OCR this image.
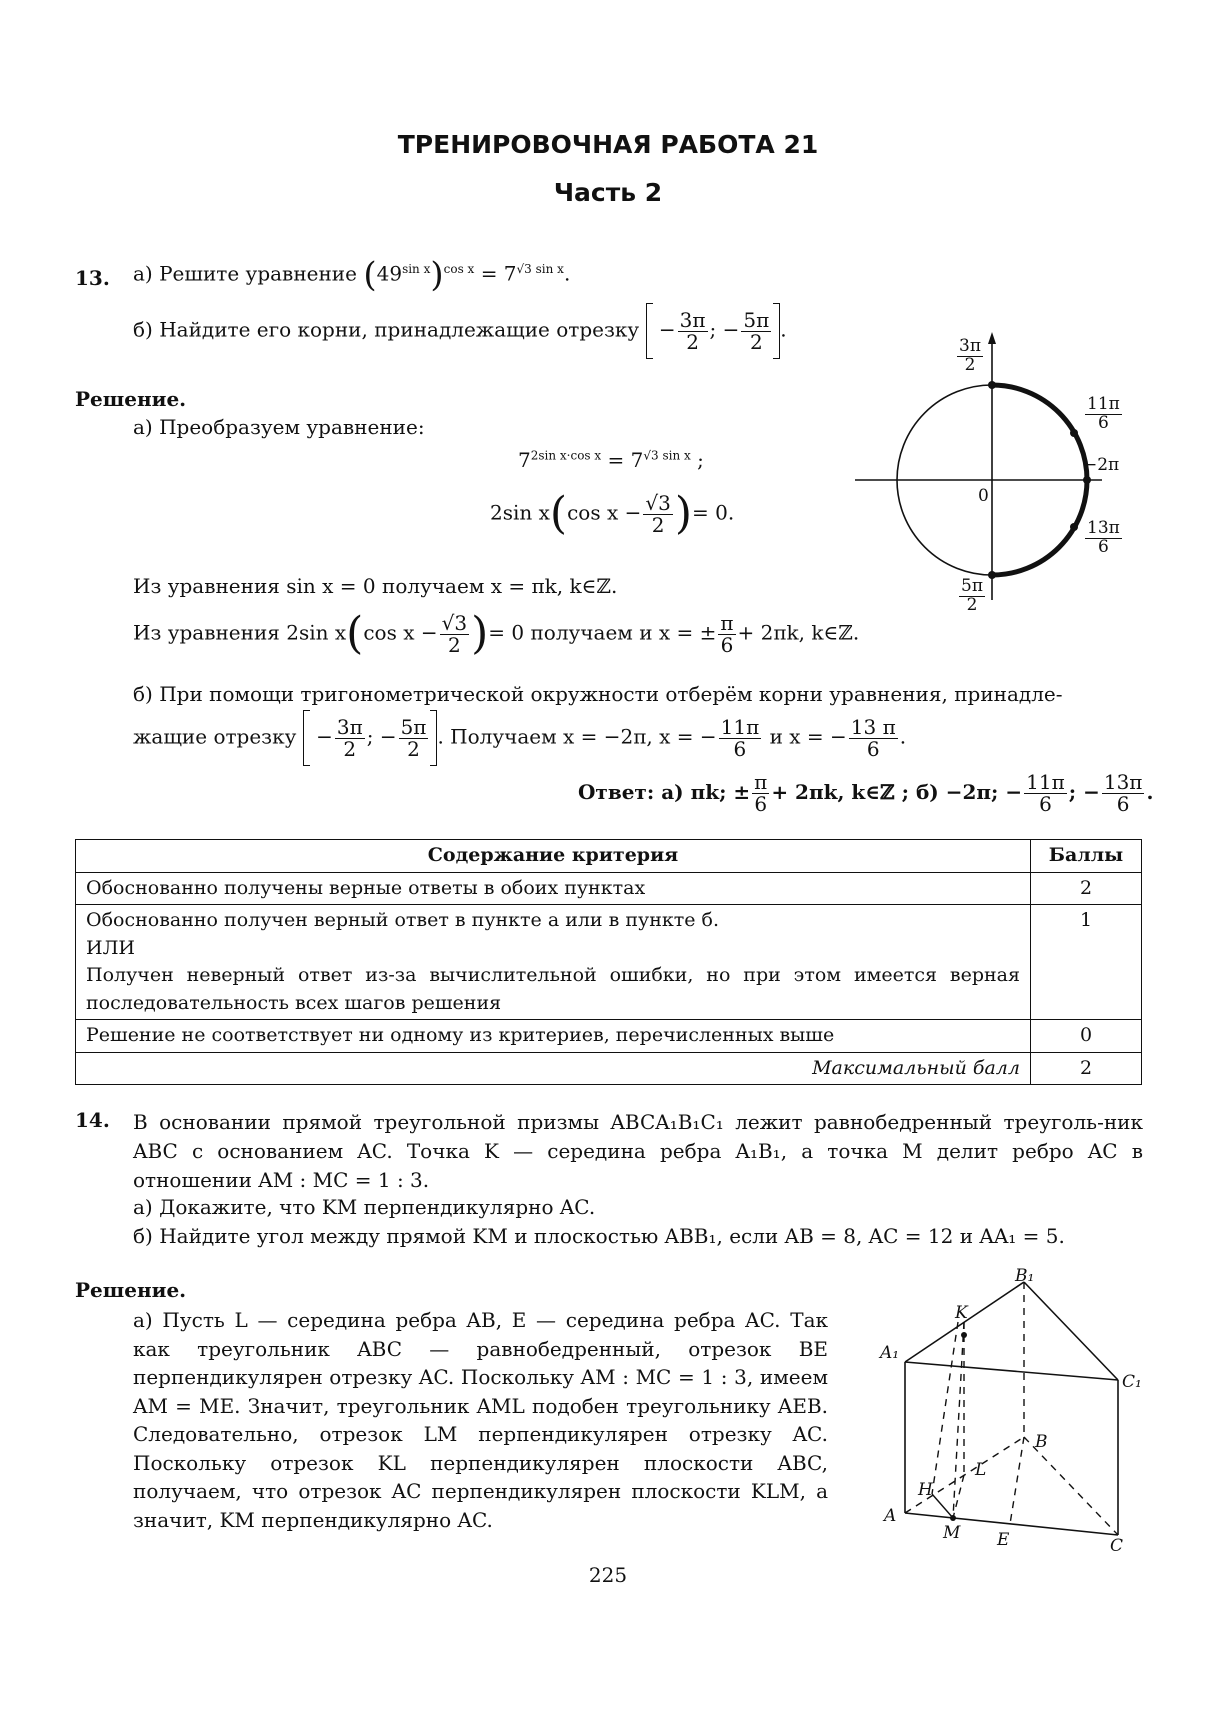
ТРЕНИРОВОЧНАЯ РАБОТА 21
Часть 2
13. а) Решите уравнение $(49^{sin x})^{cos x} = 7^{√3 sin x}$.
б) Найдите его корни, принадлежащие отрезку  − $\frac{3\pi}{2}$ ; − $\frac{5\pi}{2}$ .
Решение.
а) Преобразуем уравнение:
$7^{2sin x\cdot cos x} = 7^{√3 sin x}$ ;
2sin x(cos $x - \frac{√3}{2}$ )= 0.
Из уравнения sin x = 0 получаем x = πk, k∈ℤ.
Из уравнения 2sin x(cos $x - \frac{√3}{2}$ )= 0 получаем и x = ± $\frac{\pi}{6} + 2\pi k$, k∈ℤ.
б) При помощи тригонометрической окружности отберём корни уравнения, принадле-
жащие отрезку  − $\frac{3\pi}{2}$ ; − $\frac{5\pi}{2}$ . Получаем x = −2π, x = − $\frac{11\pi}{6}$ и x = − $\frac{13 \pi}{6}$ .
Ответ: а) πk; ± $\frac{\pi}{6} + 2\pi k$, k∈ℤ ; б) −2π; − $\frac{11\pi}{6}$ ; − $\frac{13\pi}{6}$ .
$\frac{3\pi}{2}$
$\frac{11\pi}{6}$
−2π
$\frac{13\pi}{6}$
$\frac{5\pi}{2}$
0
Содержание критерия	Баллы
Обоснованно получены верные ответы в обоих пунктах	2

Обоснованно получен верный ответ в пункте а или в пункте б.
ИЛИ
Получен неверный ответ из-за вычислительной ошибки, но при этом имеется верная последовательность всех шагов решения	1
Решение не соответствует ни одному из критериев, перечисленных выше	0
Максимальный балл	2
14. В основании прямой треугольной призмы ABCA₁B₁C₁ лежит равнобедренный треуголь-ник ABC с основанием AC. Точка K — середина ребра A₁B₁, а точка M делит ребро AC в отношении AM : MC = 1 : 3.
а) Докажите, что KM перпендикулярно AC.
б) Найдите угол между прямой KM и плоскостью ABB₁, если AB = 8, AC = 12 и AA₁ = 5.
Решение.
а) Пусть L — середина ребра AB, E — середина ребра AC. Так как треугольник ABC — равнобедренный, отрезок BE перпендикулярен отрезку AC. Поскольку AM : MC = 1 : 3, имеем AM = ME. Значит, треугольник AML подобен треугольнику AEB. Следовательно, отрезок LM перпендикулярен отрезку AC. Поскольку отрезок KL перпендикулярен плоскости ABC, получаем, что отрезок AC перпендикулярен плоскости KLM, а значит, KM перпендикулярно AC.
B₁
K
A₁
C₁
L
B
H
A
M E	C
225
